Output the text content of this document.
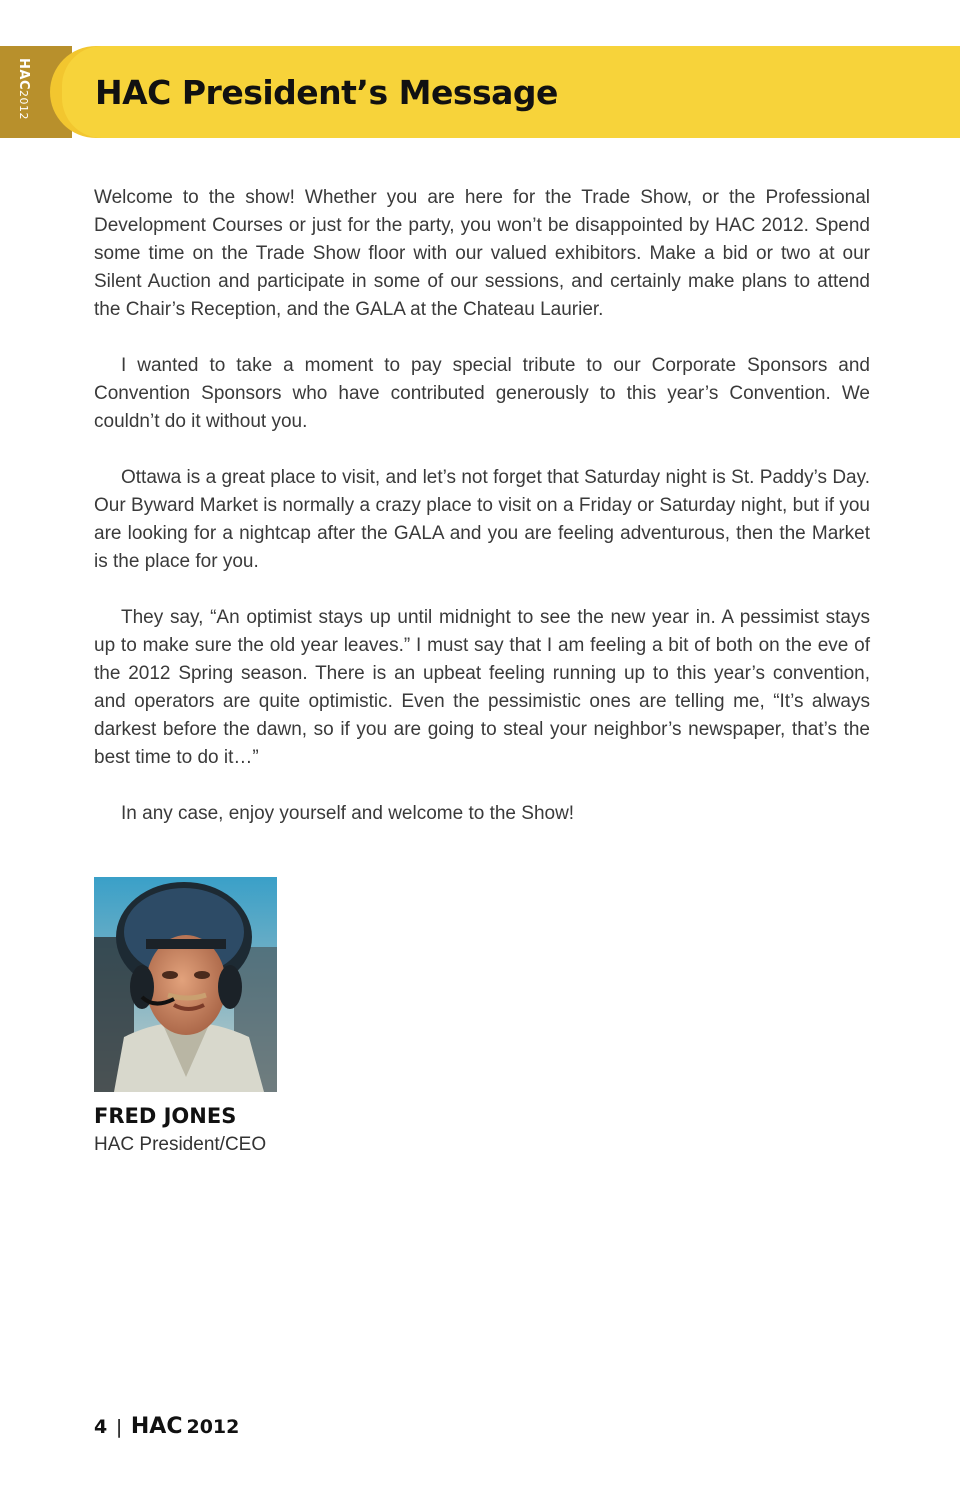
HAC2012 HAC President’s Message

Welcome to the show! Whether you are here for the Trade Show, or the Professional Development Courses or just for the party, you won’t be disappointed by HAC 2012. Spend some time on the Trade Show floor with our valued exhibitors. Make a bid or two at our Silent Auction and participate in some of our sessions, and certainly make plans to attend the Chair’s Reception, and the GALA at the Chateau Laurier.

I wanted to take a moment to pay special tribute to our Corporate Sponsors and Convention Sponsors who have contributed generously to this year’s Convention. We couldn’t do it without you.

Ottawa is a great place to visit, and let’s not forget that Saturday night is St. Paddy’s Day. Our Byward Market is normally a crazy place to visit on a Friday or Saturday night, but if you are looking for a nightcap after the GALA and you are feeling adventurous, then the Market is the place for you.

They say, “An optimist stays up until midnight to see the new year in. A pessimist stays up to make sure the old year leaves.” I must say that I am feeling a bit of both on the eve of the 2012 Spring season. There is an upbeat feeling running up to this year’s convention, and operators are quite optimistic. Even the pessimistic ones are telling me, “It’s always darkest before the dawn, so if you are going to steal your neighbor’s newspaper, that’s the best time to do it…”

In any case, enjoy yourself and welcome to the Show!

FRED JONES
HAC President/CEO
4 | HAC 2012
